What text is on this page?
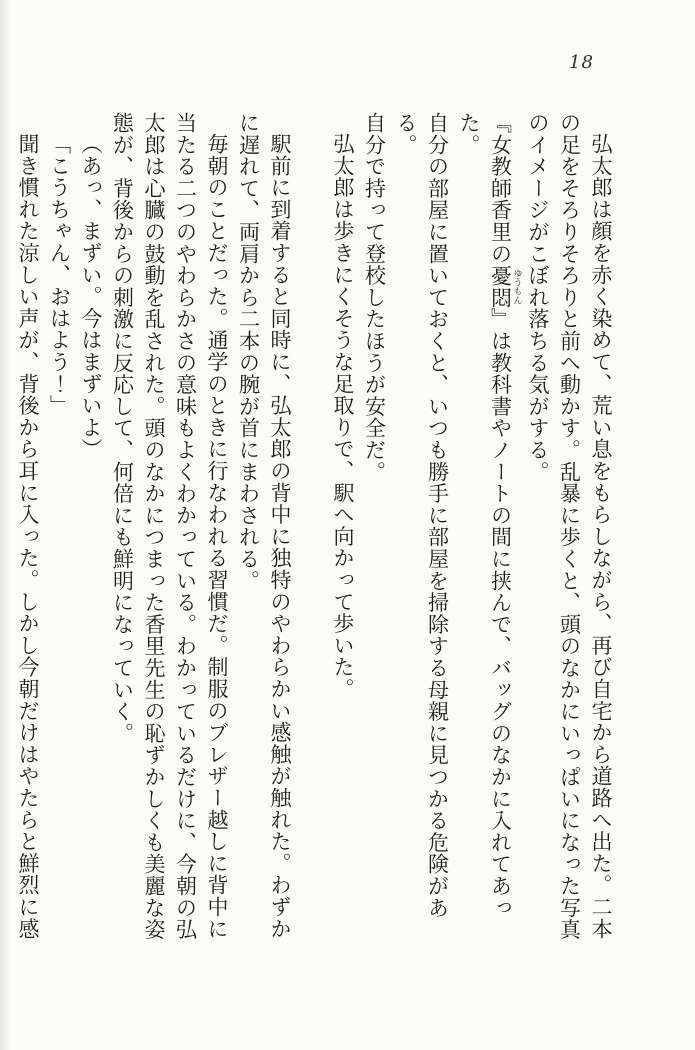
18
弘太郎は顔を赤く染めて、荒い息をもらしながら、再び自宅から道路へ出た。二本
の足をそろりそろりと前へ動かす。乱暴に歩くと、頭のなかにいっぱいになった写真
のイメージがこぼれ落ちる気がする。
『女教師香里の憂悶 ゆうもん』は教科書やノートの間に挟んで、バッグのなかに入れてあった。
自分の部屋に置いておくと、いつも勝手に部屋を掃除する母親に見つかる危険がある。
自分で持って登校したほうが安全だ。
弘太郎は歩きにくそうな足取りで、駅へ向かって歩いた。
駅前に到着すると同時に、弘太郎の背中に独特のやわらかい感触が触れた。わずか
に遅れて、両肩から二本の腕が首にまわされる。
毎朝のことだった。通学のときに行なわれる習慣だ。制服のブレザー越しに背中に
当たる二つのやわらかさの意味もよくわかっている。わかっているだけに、今朝の弘
太郎は心臓の鼓動を乱された。頭のなかにつまった香里先生の恥ずかしくも美麗な姿
態が、背後からの刺激に反応して、何倍にも鮮明になっていく。
（あっ、まずい。今はまずいよ）
「こうちゃん、おはよう！」
聞き慣れた涼しい声が、背後から耳に入った。しかし今朝だけはやたらと鮮烈に感
